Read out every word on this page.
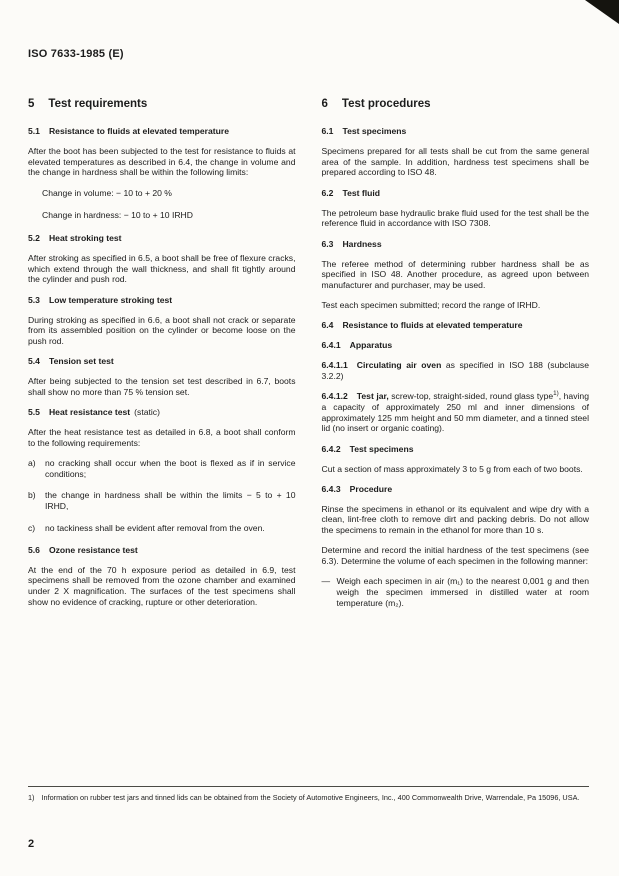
ISO 7633-1985 (E)
5 Test requirements
5.1 Resistance to fluids at elevated temperature

After the boot has been subjected to the test for resistance to fluids at elevated temperatures as described in 6.4, the change in volume and the change in hardness shall be within the following limits:

Change in volume: − 10 to + 20 %

Change in hardness: − 10 to + 10 IRHD

5.2 Heat stroking test

After stroking as specified in 6.5, a boot shall be free of flexure cracks, which extend through the wall thickness, and shall fit tightly around the cylinder and push rod.

5.3 Low temperature stroking test

During stroking as specified in 6.6, a boot shall not crack or separate from its assembled position on the cylinder or become loose on the push rod.

5.4 Tension set test

After being subjected to the tension set test described in 6.7, boots shall show no more than 75 % tension set.

5.5 Heat resistance test (static)

After the heat resistance test as detailed in 6.8, a boot shall conform to the following requirements:

a)	no cracking shall occur when the boot is flexed as if in service conditions;
b)	the change in hardness shall be within the limits − 5 to + 10 IRHD,
c)	no tackiness shall be evident after removal from the oven.
5.6 Ozone resistance test

At the end of the 70 h exposure period as detailed in 6.9, test specimens shall be removed from the ozone chamber and examined under 2 X magnification. The surfaces of the test specimens shall show no evidence of cracking, rupture or other deterioration.

6 Test procedures
6.1 Test specimens

Specimens prepared for all tests shall be cut from the same general area of the sample. In addition, hardness test specimens shall be prepared according to ISO 48.

6.2 Test fluid

The petroleum base hydraulic brake fluid used for the test shall be the reference fluid in accordance with ISO 7308.

6.3 Hardness

The referee method of determining rubber hardness shall be as specified in ISO 48. Another procedure, as agreed upon between manufacturer and purchaser, may be used.

Test each specimen submitted; record the range of IRHD.

6.4 Resistance to fluids at elevated temperature
6.4.1 Apparatus

6.4.1.1 Circulating air oven as specified in ISO 188 (subclause 3.2.2)

6.4.1.2 Test jar, screw-top, straight-sided, round glass type$^{1)}$, having a capacity of approximately 250 ml and inner dimensions of approximately 125 mm height and 50 mm diameter, and a tinned steel lid (no insert or organic coating).

6.4.2 Test specimens

Cut a section of mass approximately 3 to 5 g from each of two boots.

6.4.3 Procedure

Rinse the specimens in ethanol or its equivalent and wipe dry with a clean, lint-free cloth to remove dirt and packing debris. Do not allow the specimens to remain in the ethanol for more than 10 s.

Determine and record the initial hardness of the test specimens (see 6.3). Determine the volume of each specimen in the following manner:

— Weigh each specimen in air (m₁) to the nearest 0,001 g and then weigh the specimen immersed in distilled water at room temperature (m₂).
1) Information on rubber test jars and tinned lids can be obtained from the Society of Automotive Engineers, Inc., 400 Commonwealth Drive, Warrendale, Pa 15096, USA.
2
